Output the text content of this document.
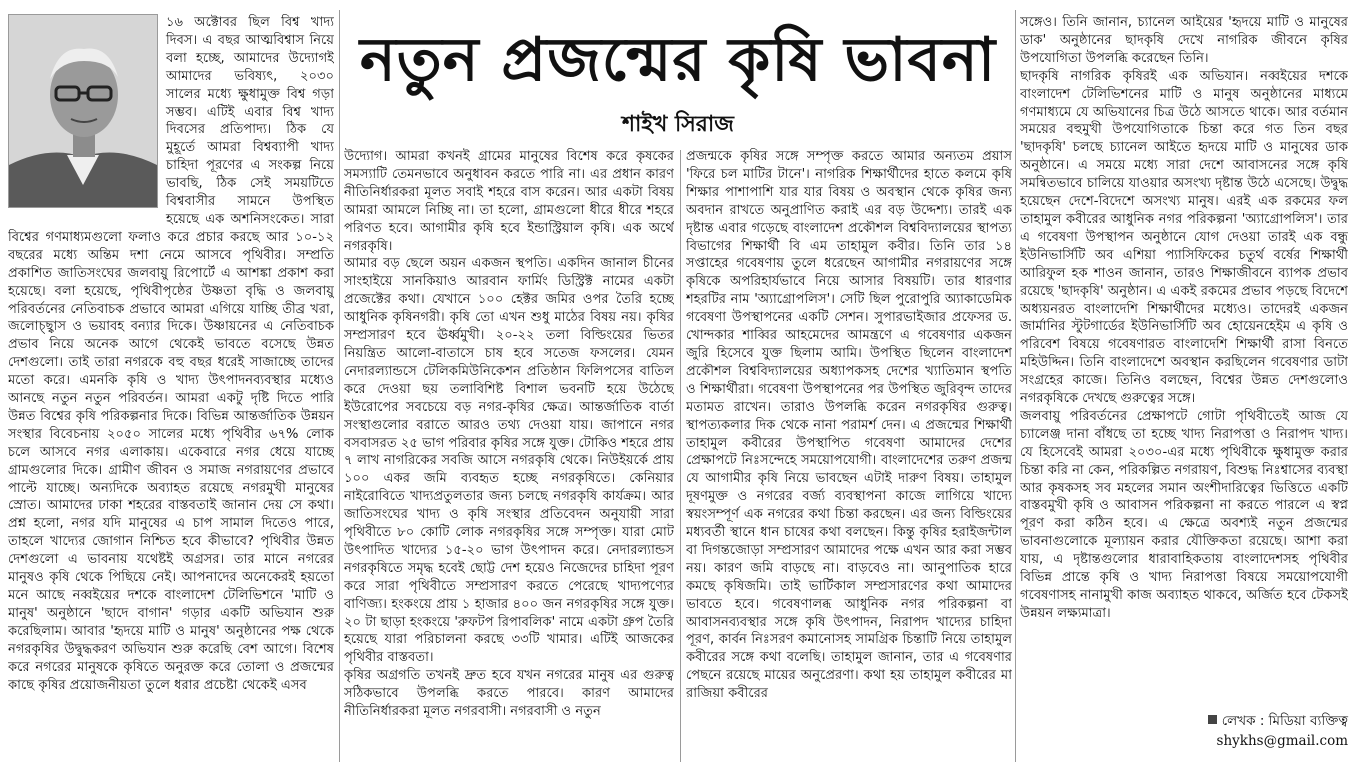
নতুন প্রজন্মের কৃষি ভাবনা
শাইখ সিরাজ

১৬ অক্টোবর ছিল বিশ্ব খাদ্য দিবস। এ বছর আত্মবিশ্বাস নিয়ে বলা হচ্ছে, আমাদের উদ্যোগই আমাদের ভবিষ্যৎ, ২০৩০ সালের মধ্যে ক্ষুধামুক্ত বিশ্ব গড়া সম্ভব। এটিই এবার বিশ্ব খাদ্য দিবসের প্রতিপাদ্য। ঠিক যে মুহূর্তে আমরা বিশ্বব্যাপী খাদ্য চাহিদা পূরণের এ সংকল্প নিয়ে ভাবছি, ঠিক সেই সময়টিতে বিশ্ববাসীর সামনে উপস্থিত হয়েছে এক অশনিসংকেত। সারা বিশ্বের গণমাধ্যমগুলো ফলাও করে প্রচার করছে আর ১০-১২ বছরের মধ্যে অন্তিম দশা নেমে আসবে পৃথিবীর। সম্প্রতি প্রকাশিত জাতিসংঘের জলবায়ু রিপোর্টে এ আশঙ্কা প্রকাশ করা হয়েছে। বলা হয়েছে, পৃথিবীপৃষ্ঠের উষ্ণতা বৃদ্ধি ও জলবায়ু পরিবর্তনের নেতিবাচক প্রভাবে আমরা এগিয়ে যাচ্ছি তীব্র খরা, জলোচ্ছ্বাস ও ভয়াবহ বন্যার দিকে। উষ্ণায়নের এ নেতিবাচক প্রভাব নিয়ে অনেক আগে থেকেই ভাবতে বসেছে উন্নত দেশগুলো। তাই তারা নগরকে বহু বছর ধরেই সাজাচ্ছে তাদের মতো করে। এমনকি কৃষি ও খাদ্য উৎপাদনব্যবস্থার মধ্যেও আনছে নতুন নতুন পরিবর্তন। আমরা একটু দৃষ্টি দিতে পারি উন্নত বিশ্বের কৃষি পরিকল্পনার দিকে। বিভিন্ন আন্তর্জাতিক উন্নয়ন সংস্থার বিবেচনায় ২০৫০ সালের মধ্যে পৃথিবীর ৬৭% লোক চলে আসবে নগর এলাকায়। একেবারে নগর ধেয়ে যাচ্ছে গ্রামগুলোর দিকে। গ্রামীণ জীবন ও সমাজ নগরায়ণের প্রভাবে পাল্টে যাচ্ছে। অন্যদিকে অব্যাহত রয়েছে নগরমুখী মানুষের স্রোত। আমাদের ঢাকা শহরের বাস্তবতাই জানান দেয় সে কথা। প্রশ্ন হলো, নগর যদি মানুষের এ চাপ সামাল দিতেও পারে, তাহলে খাদ্যের জোগান নিশ্চিত হবে কীভাবে? পৃথিবীর উন্নত দেশগুলো এ ভাবনায় যথেষ্টই অগ্রসর। তার মানে নগরের মানুষও কৃষি থেকে পিছিয়ে নেই। আপনাদের অনেকেরই হয়তো মনে আছে নব্বইয়ের দশকে বাংলাদেশ টেলিভিশনে 'মাটি ও মানুষ' অনুষ্ঠানে 'ছাদে বাগান' গড়ার একটি অভিযান শুরু করেছিলাম। আবার 'হৃদয়ে মাটি ও মানুষ' অনুষ্ঠানের পক্ষ থেকে নগরকৃষির উদ্বুদ্ধকরণ অভিযান শুরু করেছি বেশ আগে। বিশেষ করে নগরের মানুষকে কৃষিতে অনুরক্ত করে তোলা ও প্রজন্মের কাছে কৃষির প্রয়োজনীয়তা তুলে ধরার প্রচেষ্টা থেকেই এসব

উদ্যোগ। আমরা কখনই গ্রামের মানুষের বিশেষ করে কৃষকের সমস্যাটি তেমনভাবে অনুধাবন করতে পারি না। এর প্রধান কারণ নীতিনির্ধারকরা মূলত সবাই শহরে বাস করেন। আর একটা বিষয় আমরা আমলে নিচ্ছি না। তা হলো, গ্রামগুলো ধীরে ধীরে শহরে পরিণত হবে। আগামীর কৃষি হবে ইন্ডাস্ট্রিয়াল কৃষি। এক অর্থে নগরকৃষি।

আমার বড় ছেলে অয়ন একজন স্থপতি। একদিন জানাল চীনের সাংহাইয়ে সানকিয়াও আরবান ফার্মিং ডিস্ট্রিক্ট নামের একটা প্রজেক্টের কথা। যেখানে ১০০ হেক্টর জমির ওপর তৈরি হচ্ছে আধুনিক কৃষিনগরী। কৃষি তো এখন শুধু মাঠের বিষয় নয়। কৃষির সম্প্রসারণ হবে ঊর্ধ্বমুখী। ২০-২২ তলা বিল্ডিংয়ের ভিতর নিয়ন্ত্রিত আলো-বাতাসে চাষ হবে সতেজ ফসলের। যেমন নেদারল্যান্ডসে টেলিকমিউনিকেশন প্রতিষ্ঠান ফিলিপসের বাতিল করে দেওয়া ছয় তলাবিশিষ্ট বিশাল ভবনটি হয়ে উঠেছে ইউরোপের সবচেয়ে বড় নগর-কৃষির ক্ষেত্র। আন্তর্জাতিক বার্তা সংস্থাগুলোর বরাতে আরও তথ্য দেওয়া যায়। জাপানে নগর বসবাসরত ২৫ ভাগ পরিবার কৃষির সঙ্গে যুক্ত। টোকিও শহরে প্রায় ৭ লাখ নাগরিকের সবজি আসে নগরকৃষি থেকে। নিউইয়র্কে প্রায় ১০০ একর জমি ব্যবহৃত হচ্ছে নগরকৃষিতে। কেনিয়ার নাইরোবিতে খাদ্যপ্রতুলতার জন্য চলছে নগরকৃষি কার্যক্রম। আর জাতিসংঘের খাদ্য ও কৃষি সংস্থার প্রতিবেদন অনুযায়ী সারা পৃথিবীতে ৮০ কোটি লোক নগরকৃষির সঙ্গে সম্পৃক্ত। যারা মোট উৎপাদিত খাদ্যের ১৫-২০ ভাগ উৎপাদন করে। নেদারল্যান্ডস নগরকৃষিতে সমৃদ্ধ হবেই ছোট্ট দেশ হয়েও নিজেদের চাহিদা পূরণ করে সারা পৃথিবীতে সম্প্রসারণ করতে পেরেছে খাদ্যপণ্যের বাণিজ্য। হংকংয়ে প্রায় ১ হাজার ৪০০ জন নগরকৃষির সঙ্গে যুক্ত। ২০ টা ছাড়া হংকংয়ে 'রুফটপ রিপাবলিক' নামে একটা গ্রুপ তৈরি হয়েছে যারা পরিচালনা করছে ৩৩টি খামার। এটিই আজকের পৃথিবীর বাস্তবতা।

কৃষির অগ্রগতি তখনই দ্রুত হবে যখন নগরের মানুষ এর গুরুত্ব সঠিকভাবে উপলব্ধি করতে পারবে। কারণ আমাদের নীতিনির্ধারকরা মূলত নগরবাসী। নগরবাসী ও নতুন

প্রজন্মকে কৃষির সঙ্গে সম্পৃক্ত করতে আমার অন্যতম প্রয়াস 'ফিরে চল মাটির টানে'। নাগরিক শিক্ষার্থীদের হাতে কলমে কৃষি শিক্ষার পাশাপাশি যার যার বিষয় ও অবস্থান থেকে কৃষির জন্য অবদান রাখতে অনুপ্রাণিত করাই এর বড় উদ্দেশ্য। তারই এক দৃষ্টান্ত এবার গড়েছে বাংলাদেশ প্রকৌশল বিশ্ববিদ্যালয়ের স্থাপত্য বিভাগের শিক্ষার্থী বি এম তাহামুল কবীর। তিনি তার ১৪ সপ্তাহের গবেষণায় তুলে ধরেছেন আগামীর নগরায়ণের সঙ্গে কৃষিকে অপরিহার্যভাবে নিয়ে আসার বিষয়টি। তার ধারণার শহরটির নাম 'অ্যাগ্রোপলিস'। সেটি ছিল পুরোপুরি অ্যাকাডেমিক গবেষণা উপস্থাপনের একটি সেশন। সুপারভাইজার প্রফেসর ড. খোন্দকার শাব্বির আহমেদের আমন্ত্রণে এ গবেষণার একজন জুরি হিসেবে যুক্ত ছিলাম আমি। উপস্থিত ছিলেন বাংলাদেশ প্রকৌশল বিশ্ববিদ্যালয়ের অধ্যাপকসহ দেশের খ্যাতিমান স্থপতি ও শিক্ষার্থীরা। গবেষণা উপস্থাপনের পর উপস্থিত জুরিবৃন্দ তাদের মতামত রাখেন। তারাও উপলব্ধি করেন নগরকৃষির গুরুত্ব। স্থাপত্যকলার দিক থেকে নানা পরামর্শ দেন। এ প্রজন্মের শিক্ষার্থী তাহামুল কবীরের উপস্থাপিত গবেষণা আমাদের দেশের প্রেক্ষাপটে নিঃসন্দেহে সময়োপযোগী। বাংলাদেশের তরুণ প্রজন্ম যে আগামীর কৃষি নিয়ে ভাবছেন এটাই দারুণ বিষয়। তাহামুল দূষণমুক্ত ও নগরের বর্জ্য ব্যবস্থাপনা কাজে লাগিয়ে খাদ্যে স্বয়ংসম্পূর্ণ এক নগরের কথা চিন্তা করছেন। এর জন্য বিল্ডিংয়ের মধ্যবর্তী স্থানে ধান চাষের কথা বলছেন। কিন্তু কৃষির হরাইজন্টাল বা দিগন্তজোড়া সম্প্রসারণ আমাদের পক্ষে এখন আর করা সম্ভব নয়। কারণ জমি বাড়ছে না। বাড়বেও না। আনুপাতিক হারে কমছে কৃষিজমি। তাই ভার্টিকাল সম্প্রসারণের কথা আমাদের ভাবতে হবে। গবেষণালব্ধ আধুনিক নগর পরিকল্পনা বা আবাসনব্যবস্থার সঙ্গে কৃষি উৎপাদন, নিরাপদ খাদ্যের চাহিদা পূরণ, কার্বন নিঃসরণ কমানোসহ সামগ্রিক চিন্তাটি নিয়ে তাহামুল কবীরের সঙ্গে কথা বলেছি। তাহামুল জানান, তার এ গবেষণার পেছনে রয়েছে মায়ের অনুপ্রেরণা। কথা হয় তাহামুল কবীরের মা রাজিয়া কবীরের

সঙ্গেও। তিনি জানান, চ্যানেল আইয়ের 'হৃদয়ে মাটি ও মানুষের ডাক' অনুষ্ঠানের ছাদকৃষি দেখে নাগরিক জীবনে কৃষির উপযোগিতা উপলব্ধি করেছেন তিনি।

ছাদকৃষি নাগরিক কৃষিরই এক অভিযান। নব্বইয়ের দশকে বাংলাদেশ টেলিভিশনের মাটি ও মানুষ অনুষ্ঠানের মাধ্যমে গণমাধ্যমে যে অভিযানের চিত্র উঠে আসতে থাকে। আর বর্তমান সময়ের বহুমুখী উপযোগিতাকে চিন্তা করে গত তিন বছর 'ছাদকৃষি' চলছে চ্যানেল আইতে হৃদয়ে মাটি ও মানুষের ডাক অনুষ্ঠানে। এ সময়ে মধ্যে সারা দেশে আবাসনের সঙ্গে কৃষি সমন্বিতভাবে চালিয়ে যাওয়ার অসংখ্য দৃষ্টান্ত উঠে এসেছে। উদ্বুদ্ধ হয়েছেন দেশে-বিদেশে অসংখ্য মানুষ। এরই এক রকমের ফল তাহামুল কবীরের আধুনিক নগর পরিকল্পনা 'অ্যাগ্রোপলিস'। তার এ গবেষণা উপস্থাপন অনুষ্ঠানে যোগ দেওয়া তারই এক বন্ধু ইউনিভার্সিটি অব এশিয়া প্যাসিফিকের চতুর্থ বর্ষের শিক্ষার্থী আরিফুল হক শাওন জানান, তারও শিক্ষাজীবনে ব্যাপক প্রভাব রয়েছে 'ছাদকৃষি' অনুষ্ঠান। এ একই রকমের প্রভাব পড়ছে বিদেশে অধ্যয়নরত বাংলাদেশি শিক্ষার্থীদের মধ্যেও। তাদেরই একজন জার্মানির স্টুটগার্ডের ইউনিভার্সিটি অব হোয়েনহেইম এ কৃষি ও পরিবেশ বিষয়ে গবেষণারত বাংলাদেশি শিক্ষার্থী রাসা বিনতে মহিউদ্দিন। তিনি বাংলাদেশে অবস্থান করছিলেন গবেষণার ডাটা সংগ্রহের কাজে। তিনিও বলছেন, বিশ্বের উন্নত দেশগুলোও নগরকৃষিকে দেখছে গুরুত্বের সঙ্গে।

জলবায়ু পরিবর্তনের প্রেক্ষাপটে গোটা পৃথিবীতেই আজ যে চ্যালেঞ্জ দানা বাঁধছে তা হচ্ছে খাদ্য নিরাপত্তা ও নিরাপদ খাদ্য। যে হিসেবেই আমরা ২০৩০-এর মধ্যে পৃথিবীকে ক্ষুধামুক্ত করার চিন্তা করি না কেন, পরিকল্পিত নগরায়ণ, বিশুদ্ধ নিঃশ্বাসের ব্যবস্থা আর কৃষকসহ সব মহলের সমান অংশীদারিত্বের ভিত্তিতে একটি বাস্তবমুখী কৃষি ও আবাসন পরিকল্পনা না করতে পারলে এ স্বপ্ন পূরণ করা কঠিন হবে। এ ক্ষেত্রে অবশ্যই নতুন প্রজন্মের ভাবনাগুলোকে মূল্যায়ন করার যৌক্তিকতা রয়েছে। আশা করা যায়, এ দৃষ্টান্তগুলোর ধারাবাহিকতায় বাংলাদেশসহ পৃথিবীর বিভিন্ন প্রান্তে কৃষি ও খাদ্য নিরাপত্তা বিষয়ে সময়োপযোগী গবেষণাসহ নানামুখী কাজ অব্যাহত থাকবে, অর্জিত হবে টেকসই উন্নয়ন লক্ষ্যমাত্রা।

লেখক : মিডিয়া ব্যক্তিত্ব
shykhs@gmail.com
